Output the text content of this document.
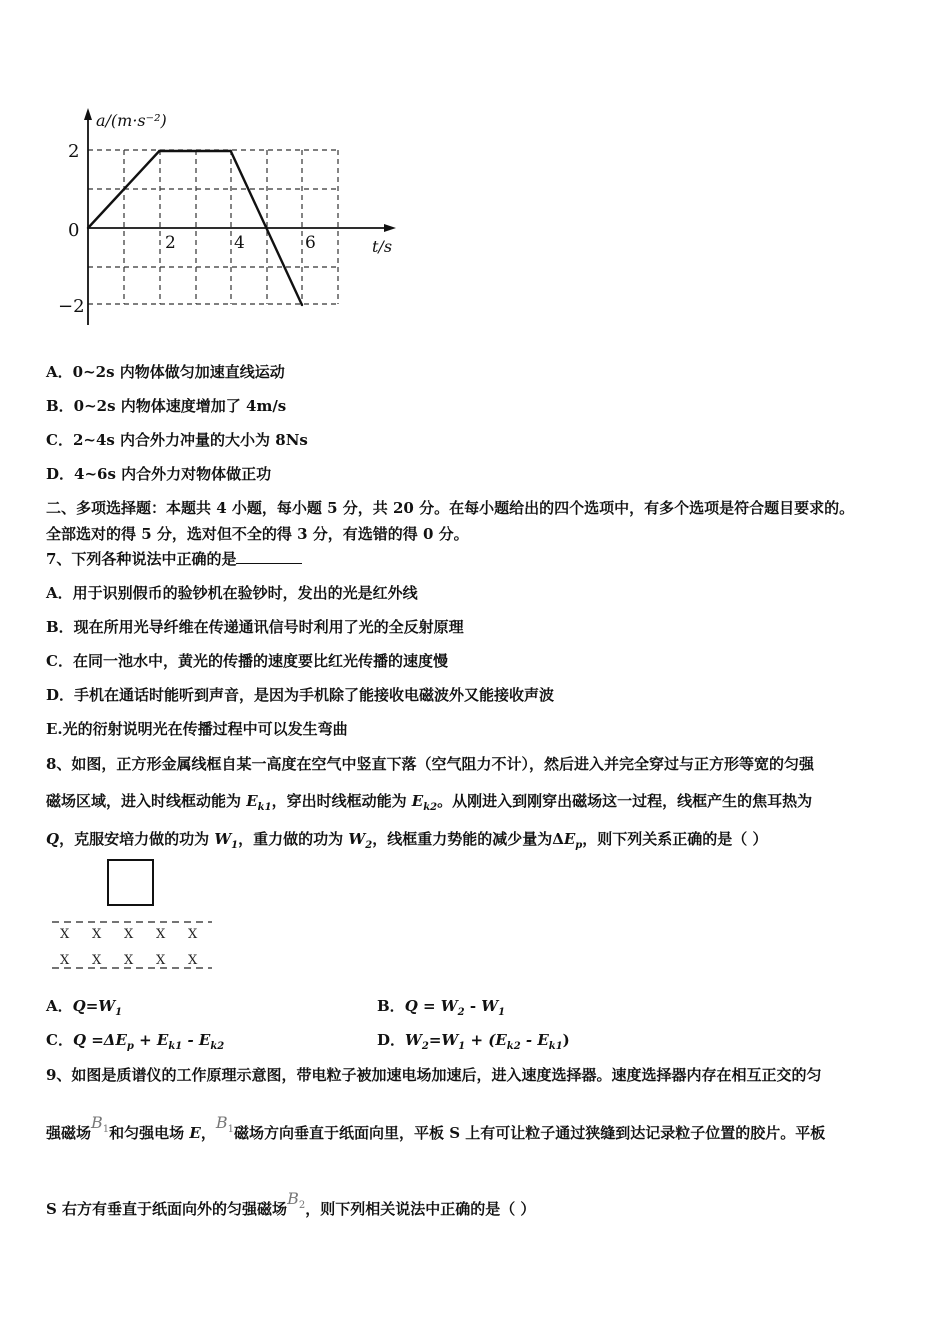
a/(m·s⁻²)
t/s
2
0
−2
2	4	6
A．0~2s 内物体做匀加速直线运动
B．0~2s 内物体速度增加了 4m/s
C．2~4s 内合外力冲量的大小为 8Ns
D．4~6s 内合外力对物体做正功
二、多项选择题：本题共 4 小题，每小题 5 分，共 20 分。在每小题给出的四个选项中，有多个选项是符合题目要求的。
全部选对的得 5 分，选对但不全的得 3 分，有选错的得 0 分。
7、下列各种说法中正确的是
A．用于识别假币的验钞机在验钞时，发出的光是红外线
B．现在所用光导纤维在传递通讯信号时利用了光的全反射原理
C．在同一池水中，黄光的传播的速度要比红光传播的速度慢
D．手机在通话时能听到声音，是因为手机除了能接收电磁波外又能接收声波
E.光的衍射说明光在传播过程中可以发生弯曲
8、如图，正方形金属线框自某一高度在空气中竖直下落（空气阻力不计），然后进入并完全穿过与正方形等宽的匀强
磁场区域，进入时线框动能为 $E_{k1}$，穿出时线框动能为 $E_{k2}$。从刚进入到刚穿出磁场这一过程，线框产生的焦耳热为
Q，克服安培力做的功为 $W_1$，重力做的功为 $W_2$，线框重力势能的减少量为$\Delta E_p$，则下列关系正确的是（ ）
X X X X X
X X X X X
A．$Q=W_1$	B．$Q = W_2 - W_1$
C．$Q =\Delta E_p + E_{k1} - E_{k2}$	D．$W_2=W_1 + (E_{k2} - E_{k1})$
9、如图是质谱仪的工作原理示意图，带电粒子被加速电场加速后，进入速度选择器。速度选择器内存在相互正交的匀
强磁场$B_1$和匀强电场 E，$B_1$磁场方向垂直于纸面向里，平板 S 上有可让粒子通过狭缝到达记录粒子位置的胶片。平板
S 右方有垂直于纸面向外的匀强磁场$B_2$，则下列相关说法中正确的是（ ）
